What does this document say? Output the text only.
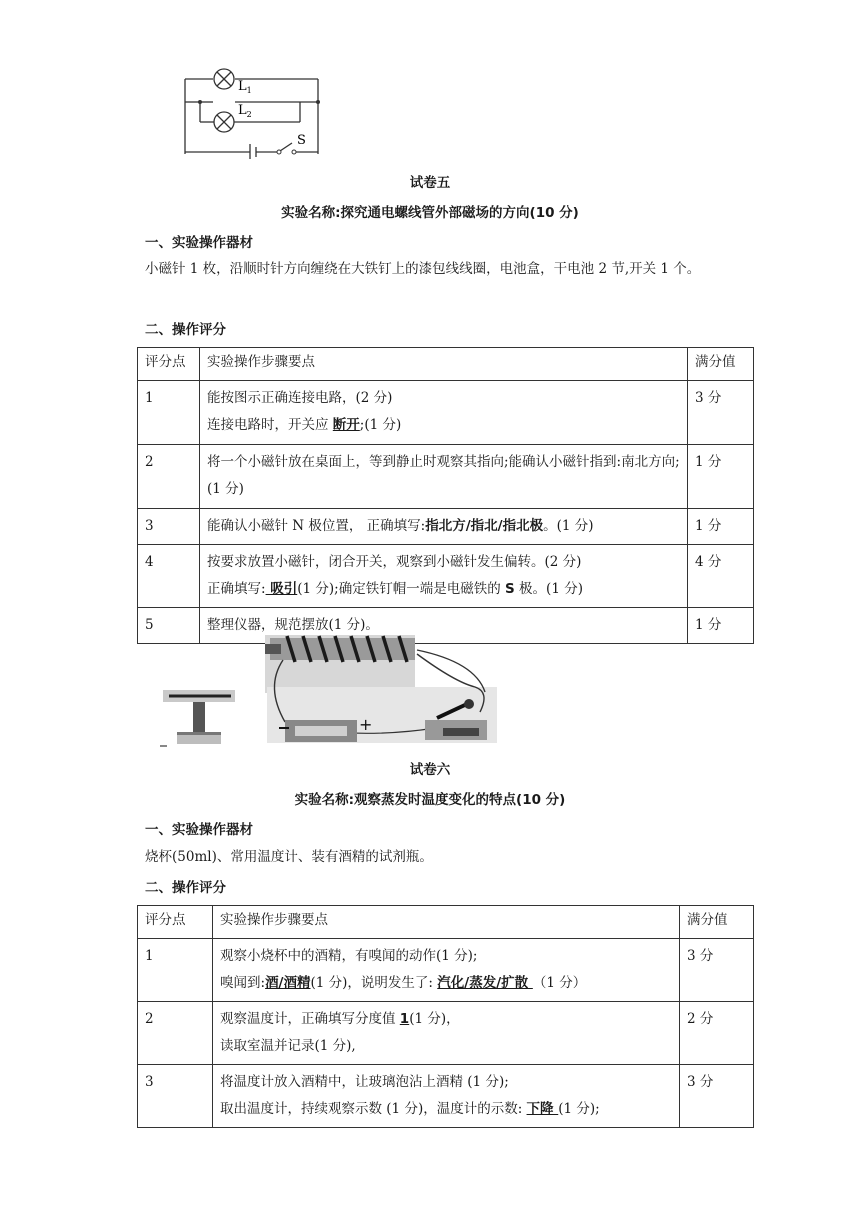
$L_1$
$L_2$
S
试卷五
实验名称:探究通电螺线管外部磁场的方向(10 分)
一、实验操作器材
小磁针 1 枚，沿顺时针方向缠绕在大铁钉上的漆包线线圈，电池盒，干电池 2 节,开关 1 个。
二、操作评分
评分点	实验操作步骤要点	满分值
1	能按图示正确连接电路，(2 分)
连接电路时，开关应 断开;(1 分)	3 分
2	将一个小磁针放在桌面上，等到静止时观察其指向;能确认小磁针指到:南北方向;(1 分)	1 分
3	能确认小磁针 N 极位置， 正确填写:指北方/指北/指北极。(1 分)	1 分
4	按要求放置小磁针，闭合开关，观察到小磁针发生偏转。(2 分)
正确填写: 吸引(1 分);确定铁钉帽一端是电磁铁的 S 极。(1 分)	4 分
5	整理仪器，规范摆放(1 分)。	1 分
+
试卷六
实验名称:观察蒸发时温度变化的特点(10 分)
一、实验操作器材
烧杯(50ml)、常用温度计、装有酒精的试剂瓶。
二、操作评分
评分点	实验操作步骤要点	满分值
1	观察小烧杯中的酒精，有嗅闻的动作(1 分);
嗅闻到:酒/酒精(1 分)，说明发生了: 汽化/蒸发/扩散 （1 分）	3 分
2	观察温度计，正确填写分度值 1(1 分)，
读取室温并记录(1 分),	2 分
3	将温度计放入酒精中，让玻璃泡沾上酒精 (1 分);
取出温度计，持续观察示数 (1 分)，温度计的示数: 下降 (1 分);	3 分
